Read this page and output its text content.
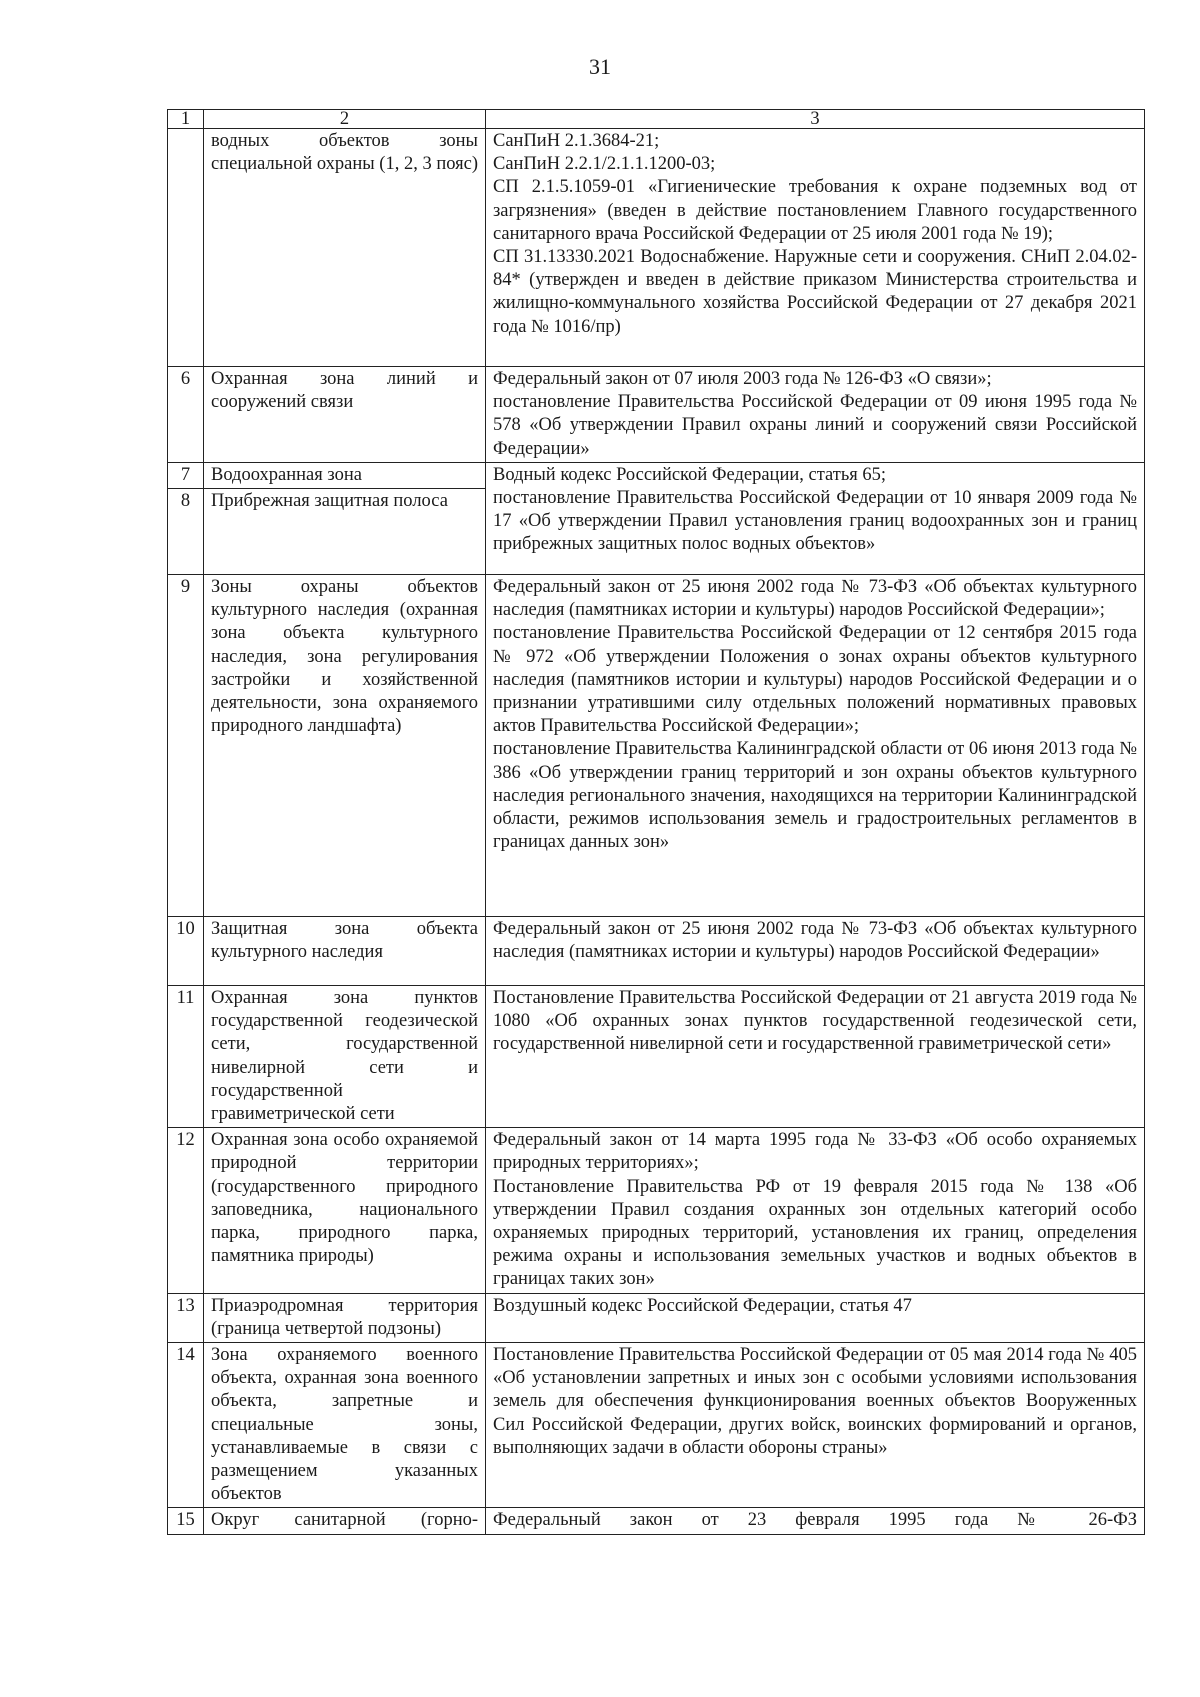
31
1	2	3
	водных объектов зоны специальной охраны (1, 2, 3 пояс)	СанПиН 2.1.3684-21;
СанПиН 2.2.1/2.1.1.1200-03;
СП 2.1.5.1059-01 «Гигиенические требования к охране подземных вод от загрязнения» (введен в действие постановлением Главного государственного санитарного врача Российской Федерации от 25 июля 2001 года № 19);
СП 31.13330.2021 Водоснабжение. Наружные сети и сооружения. СНиП 2.04.02-84* (утвержден и введен в действие приказом Министерства строительства и жилищно-коммунального хозяйства Российской Федерации от 27 декабря 2021 года № 1016/пр)

6	Охранная зона линий и сооружений связи	Федеральный закон от 07 июля 2003 года № 126-ФЗ «О связи»;
постановление Правительства Российской Федерации от 09 июня 1995 года № 578 «Об утверждении Правил охраны линий и сооружений связи Российской Федерации»

7	Водоохранная зона	Водный кодекс Российской Федерации, статья 65;
постановление Правительства Российской Федерации от 10 января 2009 года № 17 «Об утверждении Правил установления границ водоохранных зон и границ прибрежных защитных полос водных объектов»

8	Прибрежная защитная полоса	
9	Зоны охраны объектов культурного наследия (охранная зона объекта культурного наследия, зона регулирования застройки и хозяйственной деятельности, зона охраняемого природного ландшафта)	Федеральный закон от 25 июня 2002 года № 73-ФЗ «Об объектах культурного наследия (памятниках истории и культуры) народов Российской Федерации»;
постановление Правительства Российской Федерации от 12 сентября 2015 года № 972 «Об утверждении Положения о зонах охраны объектов культурного наследия (памятников истории и культуры) народов Российской Федерации и о признании утратившими силу отдельных положений нормативных правовых актов Правительства Российской Федерации»;
постановление Правительства Калининградской области от 06 июня 2013 года № 386 «Об утверждении границ территорий и зон охраны объектов культурного наследия регионального значения, находящихся на территории Калининградской области, режимов использования земель и градостроительных регламентов в границах данных зон»

10	Защитная зона объекта культурного наследия	Федеральный закон от 25 июня 2002 года № 73-ФЗ «Об объектах культурного наследия (памятниках истории и культуры) народов Российской Федерации»

11	Охранная зона пунктов государственной геодезической сети, государственной нивелирной сети и государственной гравиметрической сети	Постановление Правительства Российской Федерации от 21 августа 2019 года № 1080 «Об охранных зонах пунктов государственной геодезической сети, государственной нивелирной сети и государственной гравиметрической сети»

12	Охранная зона особо охраняемой природной территории (государственного природного заповедника, национального парка, природного парка, памятника природы)	Федеральный закон от 14 марта 1995 года № 33-ФЗ «Об особо охраняемых природных территориях»;
Постановление Правительства РФ от 19 февраля 2015 года № 138 «Об утверждении Правил создания охранных зон отдельных категорий особо охраняемых природных территорий, установления их границ, определения режима охраны и использования земельных участков и водных объектов в границах таких зон»

13	Приаэродромная территория (граница четвертой подзоны)	Воздушный кодекс Российской Федерации, статья 47

14	Зона охраняемого военного объекта, охранная зона военного объекта, запретные и специальные зоны, устанавливаемые в связи с размещением указанных объектов	Постановление Правительства Российской Федерации от 05 мая 2014 года № 405 «Об установлении запретных и иных зон с особыми условиями использования земель для обеспечения функционирования военных объектов Вооруженных Сил Российской Федерации, других войск, воинских формирований и органов, выполняющих задачи в области обороны страны»

15	Округ санитарной (горно-	Федеральный закон от 23 февраля 1995 года № 26-ФЗ
